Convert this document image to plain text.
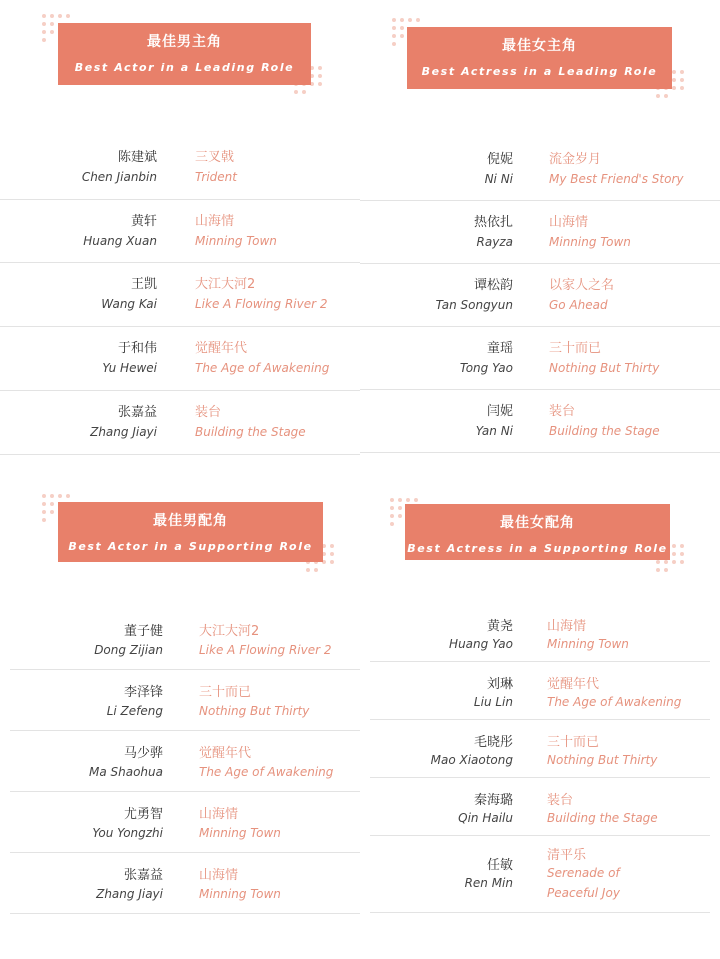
最佳男主角
Best Actor in a Leading Role
陈建斌
Chen Jianbin
三叉戟
Trident
黄轩
Huang Xuan
山海情
Minning Town
王凯
Wang Kai
大江大河2
Like A Flowing River 2
于和伟
Yu Hewei
觉醒年代
The Age of Awakening
张嘉益
Zhang Jiayi
装台
Building the Stage
最佳女主角
Best Actress in a Leading Role
倪妮
Ni Ni
流金岁月
My Best Friend's Story
热依扎
Rayza
山海情
Minning Town
谭松韵
Tan Songyun
以家人之名
Go Ahead
童瑶
Tong Yao
三十而已
Nothing But Thirty
闫妮
Yan Ni
装台
Building the Stage
最佳男配角
Best Actor in a Supporting Role
董子健
Dong Zijian
大江大河2
Like A Flowing River 2
李泽锋
Li Zefeng
三十而已
Nothing But Thirty
马少骅
Ma Shaohua
觉醒年代
The Age of Awakening
尤勇智
You Yongzhi
山海情
Minning Town
张嘉益
Zhang Jiayi
山海情
Minning Town
最佳女配角
Best Actress in a Supporting Role
黄尧
Huang Yao
山海情
Minning Town
刘琳
Liu Lin
觉醒年代
The Age of Awakening
毛晓彤
Mao Xiaotong
三十而已
Nothing But Thirty
秦海璐
Qin Hailu
装台
Building the Stage
任敏
Ren Min
清平乐
Serenade of Peaceful Joy
